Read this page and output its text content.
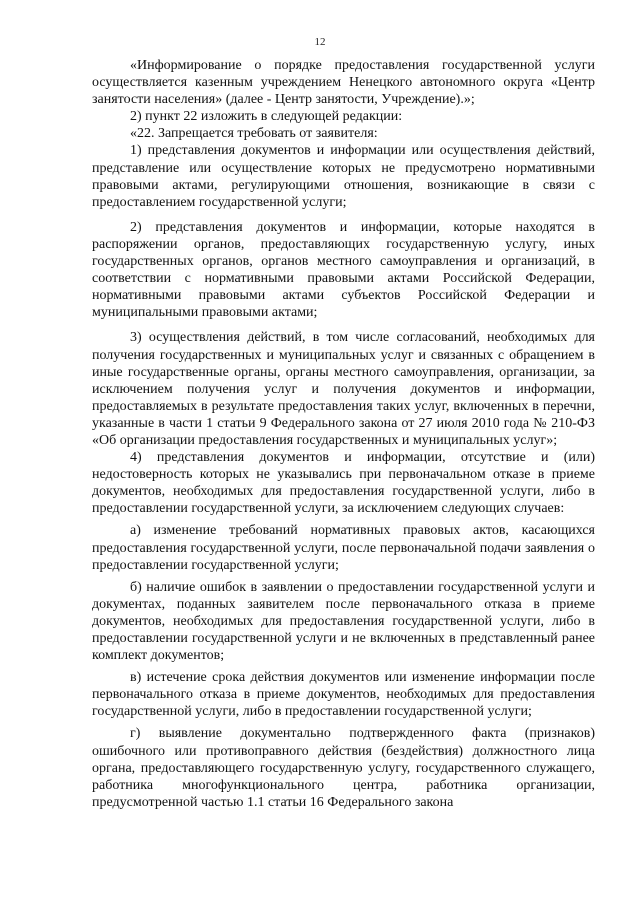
12

«Информирование о порядке предоставления государственной услуги осуществляется казенным учреждением Ненецкого автономного округа «Центр занятости населения» (далее - Центр занятости, Учреждение).»;

2) пункт 22 изложить в следующей редакции:

«22. Запрещается требовать от заявителя:

1) представления документов и информации или осуществления действий, представление или осуществление которых не предусмотрено нормативными правовыми актами, регулирующими отношения, возникающие в связи с предоставлением государственной услуги;

2) представления документов и информации, которые находятся в распоряжении органов, предоставляющих государственную услугу, иных государственных органов, органов местного самоуправления и организаций, в соответствии с нормативными правовыми актами Российской Федерации, нормативными правовыми актами субъектов Российской Федерации и муниципальными правовыми актами;

3) осуществления действий, в том числе согласований, необходимых для получения государственных и муниципальных услуг и связанных с обращением в иные государственные органы, органы местного самоуправления, организации, за исключением получения услуг и получения документов и информации, предоставляемых в результате предоставления таких услуг, включенных в перечни, указанные в части 1 статьи 9 Федерального закона от 27 июля 2010 года № 210-ФЗ «Об организации предоставления государственных и муниципальных услуг»;

4) представления документов и информации, отсутствие и (или) недостоверность которых не указывались при первоначальном отказе в приеме документов, необходимых для предоставления государственной услуги, либо в предоставлении государственной услуги, за исключением следующих случаев:

а) изменение требований нормативных правовых актов, касающихся предоставления государственной услуги, после первоначальной подачи заявления о предоставлении государственной услуги;

б) наличие ошибок в заявлении о предоставлении государственной услуги и документах, поданных заявителем после первоначального отказа в приеме документов, необходимых для предоставления государственной услуги, либо в предоставлении государственной услуги и не включенных в представленный ранее комплект документов;

в) истечение срока действия документов или изменение информации после первоначального отказа в приеме документов, необходимых для предоставления государственной услуги, либо в предоставлении государственной услуги;

г) выявление документально подтвержденного факта (признаков) ошибочного или противоправного действия (бездействия) должностного лица органа, предоставляющего государственную услугу, государственного служащего, работника многофункционального центра, работника организации, предусмотренной частью 1.1 статьи 16 Федерального закона
